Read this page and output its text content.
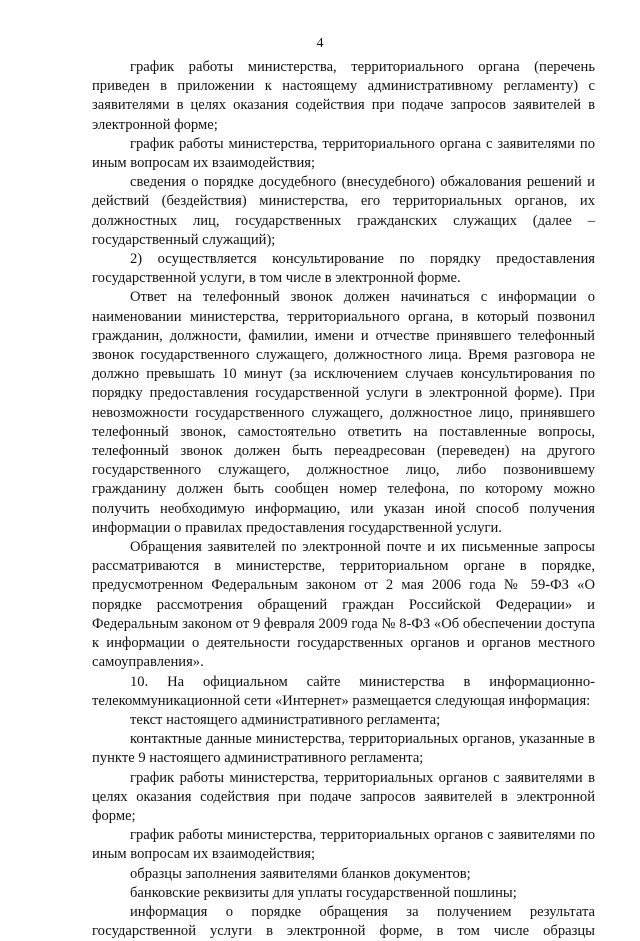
4

график работы министерства, территориального органа (перечень приведен в приложении к настоящему административному регламенту) с заявителями в целях оказания содействия при подаче запросов заявителей в электронной форме;

график работы министерства, территориального органа с заявителями по иным вопросам их взаимодействия;

сведения о порядке досудебного (внесудебного) обжалования решений и действий (бездействия) министерства, его территориальных органов, их должностных лиц, государственных гражданских служащих (далее – государственный служащий);

2) осуществляется консультирование по порядку предоставления государственной услуги, в том числе в электронной форме.

Ответ на телефонный звонок должен начинаться с информации о наименовании министерства, территориального органа, в который позвонил гражданин, должности, фамилии, имени и отчестве принявшего телефонный звонок государственного служащего, должностного лица. Время разговора не должно превышать 10 минут (за исключением случаев консультирования по порядку предоставления государственной услуги в электронной форме). При невозможности государственного служащего, должностное лицо, принявшего телефонный звонок, самостоятельно ответить на поставленные вопросы, телефонный звонок должен быть переадресован (переведен) на другого государственного служащего, должностное лицо, либо позвонившему гражданину должен быть сообщен номер телефона, по которому можно получить необходимую информацию, или указан иной способ получения информации о правилах предоставления государственной услуги.

Обращения заявителей по электронной почте и их письменные запросы рассматриваются в министерстве, территориальном органе в порядке, предусмотренном Федеральным законом от 2 мая 2006 года № 59-ФЗ «О порядке рассмотрения обращений граждан Российской Федерации» и Федеральным законом от 9 февраля 2009 года № 8-ФЗ «Об обеспечении доступа к информации о деятельности государственных органов и органов местного самоуправления».

10. На официальном сайте министерства в информационно-телекоммуникационной сети «Интернет» размещается следующая информация:

текст настоящего административного регламента;

контактные данные министерства, территориальных органов, указанные в пункте 9 настоящего административного регламента;

график работы министерства, территориальных органов с заявителями в целях оказания содействия при подаче запросов заявителей в электронной форме;

график работы министерства, территориальных органов с заявителями по иным вопросам их взаимодействия;

образцы заполнения заявителями бланков документов;

банковские реквизиты для уплаты государственной пошлины;

информация о порядке обращения за получением результата государственной услуги в электронной форме, в том числе образцы
